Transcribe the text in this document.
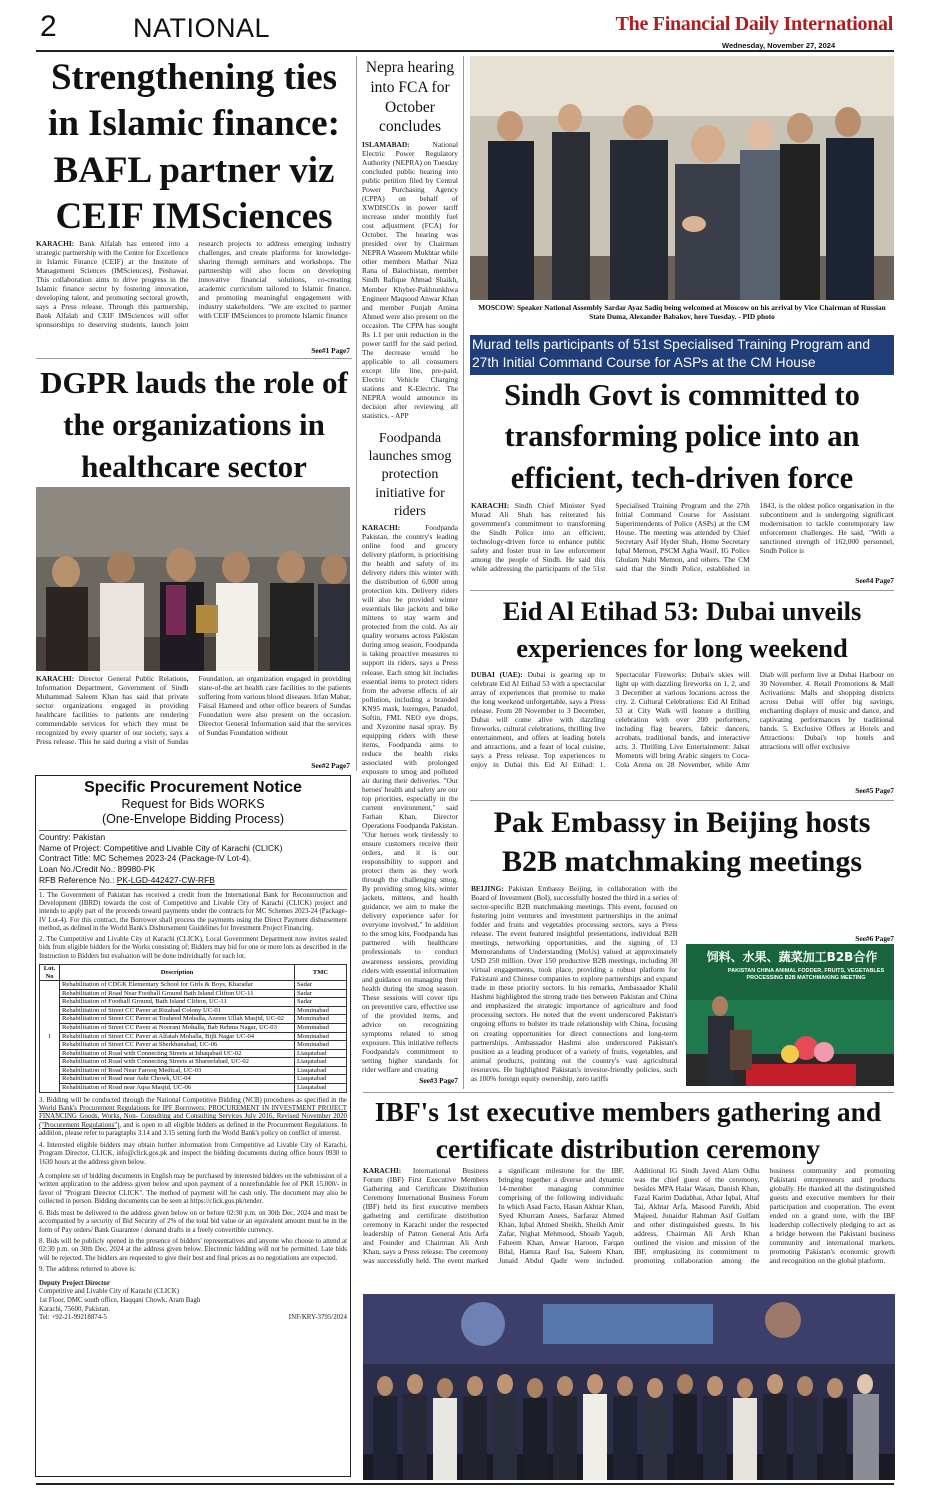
2	NATIONAL	The Financial Daily International
Wednesday, November 27, 2024
Strengthening ties in Islamic finance: BAFL partner viz CEIF IMSciences
KARACHI: Bank Alfalah has entered into a strategic partnership with the Centre for Excellence in Islamic Finance (CEIF) at the Institute of Management Sciences (IMSciences), Peshawar. This collaboration aims to drive progress in the Islamic finance sector by fostering innovation, developing talent, and promoting sectoral growth, says a Press release. Through this partnership, Bank Alfalah and CEIF IMSciences will offer sponsorships to deserving students, launch joint research projects to address emerging industry challenges, and create platforms for knowledge-sharing through seminars and workshops. The partnership will also focus on developing innovative financial solutions, co-creating academic curriculum tailored to Islamic finance, and promoting meaningful engagement with industry stakeholders. "We are excited to partner with CEIF IMSciences to promote Islamic finance
See#1 Page7
DGPR lauds the role of the organizations in healthcare sector
KARACHI: Director General Public Relations, Information Department, Government of Sindh Muhammad Saleem Khan has said that private sector organizations engaged in providing healthcare facilities to patients are rendering commendable services for which they must be recognized by every quarter of our society, says a Press release. This he said during a visit of Sundas Foundation, an organization engaged in providing state-of-the art health care facilities to the patients suffering from various blood diseases. Irfan Mahar, Faisal Hameed and other office bearers of Sundas Foundation were also present on the occasion. Director General Information said that the services of Sundas Foundation without
See#2 Page7
Specific Procurement Notice
Request for Bids WORKS
(One-Envelope Bidding Process)
Country: Pakistan
Name of Project: Competitive and Livable City of Karachi (CLICK)
Contract Title: MC Schemes 2023-24 (Package-IV Lot-4).
Loan No./Credit No.: 89980-PK
RFB Reference No.: PK-LGD-442427-CW-RFB
1. The Government of Pakistan has received a credit from the International Bank for Reconstruction and Development (IBRD) towards the cost of Competitive and Livable City of Karachi (CLICK) project and intends to apply part of the proceeds toward payments under the contracts for MC Schemes 2023-24 (Package-IV Lot-4). For this contract, the Borrower shall process the payments using the Direct Payment disbursement method, as defined in the World Bank's Disbursement Guidelines for Investment Project Financing.
2. The Competitive and Livable City of Karachi (CLICK), Local Government Department now invites sealed bids from eligible bidders for the Works consisting of; Bidders may bid for one or more lots as described in the Instruction to Bidders but evaluation will be done individually for each lot.
Lot. No	Description	TMC
1	Rehabilitation of CDGK Elementary School for Girls & Boys, Kharadar	Sadar
	Rehabilitation of Road Near Football Ground Bath Island Clifton UC-11	Sadar
	Rehabilitation of Football Ground, Bath Island Clifton, UC-11	Sadar
	Rehabilitation of Street CC Paver at Rizabad Colony UC-01	Mominabad
	Rehabilitation of Street CC Paver at Touheed Mohalla, Azeem Ullah Masjid, UC-02	Mominabad
	Rehabilitation of Street CC Paver at Noorani Mohalla, Bab Rehma Nagar, UC-03	Mominabad
	Rehabilitation of Street CC Paver at Alfatah Mohalla, Bijli Nagar UC-04	Mominabad
	Rehabilitation of Street CC Paver at Sherkhanabad, UC-06	Mominabad
	Rehabilitation of Road with Connecting Streets at Ishaqabad UC-02	Liaqatabad
	Rehabilitation of Road with Connecting Streets at Shareefabad, UC-02	Liaqatabad
	Rehabilitation of Road Near Farooq Medical, UC-03	Liaqatabad
	Rehabilitation of Road near Ashi Chowk, UC-04	Liaqatabad
	Rehabilitation of Road near Aqsa Masjid, UC-06	Liaqatabad
3. Bidding will be conducted through the National Competitive Bidding (NCB) procedures as specified in the World Bank's Procurement Regulations for IPF Borrowers: PROCUREMENT IN INVESTMENT PROJECT FINANCING Goods, Works, Non- Consulting and Consulting Services July 2016, Revised November 2020 ("Procurement Regulations"), and is open to all eligible bidders as defined in the Procurement Regulations. In addition, please refer to paragraphs 3.14 and 3.15 setting forth the World Bank's policy on conflict of interest.
4. Interested eligible bidders may obtain further information from Competitive ad Livable City of Karachi, Program Director, CLICK, info@click.gos.pk and inspect the bidding documents during office hours 0930 to 1630 hours at the address given below.
A complete set of bidding documents in English may be purchased by interested bidders on the submission of a written application to the address given below and upon payment of a nonrefundable fee of PKR 15,000/- in favor of "Program Director CLICK". The method of payment will be cash only. The document may also be collected in person. Bidding documents can be seen at https://click.gos.pk/tender.
6. Bids must be delivered to the address given below on or before 02:30 p.m. on 30th Dec, 2024 and must be accompanied by a security of Bid Security of 2% of the total bid value or an equivalent amount must be in the form of Pay orders/ Bank Guarantee / demand drafts in a freely convertible currency.
8. Bids will be publicly opened in the presence of bidders' representatives and anyone who choose to attend at 02:30 p.m. on 30th Dec, 2024 at the address given below. Electronic bidding will not be permitted. Late bids will be rejected. The bidders are requested to give their best and final prices as no negotiations are expected.
9. The address referred to above is:
Deputy Project Director
Competitive and Livable City of Karachi (CLICK)
1st Floor, DMC south office, Haqqani Chowk, Aram Bagh
Karachi, 75600, Pakistan.
Tel: +92-21-99218874-5	INF/KRY-3795/2024
Nepra hearing into FCA for October concludes
ISLAMABAD:	National Electric Power Regulatory Authority (NEPRA) on Tuesday concluded public hearing into public petition filed by Central Power Purchasing Agency (CPPA) on behalf of XWDISCOs in power tariff increase under monthly fuel cost adjustment (FCA) for October. The hearing was presided over by Chairman NEPRA Waseem Mukhtar while other members Mathar Niaz Rana of Balochistan, member Sindh Rafique Ahmad Shaikh, Member Khyber-Pakhtunkhwa Engineer Maqsood Anwar Khan and member Punjab Amina Ahmed were also present on the occasion. The CPPA has sought Rs 1.1 per unit reduction in the power tariff for the said period. The decrease would be applicable to all consumers except life line, pre-paid, Electric Vehicle Charging stations and K-Electric. The NEPRA would announce its decision after reviewing all statistics. - APP
Foodpanda launches smog protection initiative for riders
KARACHI:	Foodpanda Pakistan, the country's leading online food and grocery delivery platform, is prioritising the health and safety of its delivery riders this winter with the distribution of 6,000 smog protection kits. Delivery riders will also be provided winter essentials like jackets and bike mittens to stay warm and protected from the cold. As air quality worsens across Pakistan during smog season, Foodpanda is taking proactive measures to support its riders, says a Press release. Each smog kit includes essential items to protect riders from the adverse effects of air pollution, including a branded KN95 mask, lozenges, Panadol, Softin, FML NEO eye drops, and Xyzonine nasal spray. By equipping riders with these items, Foodpanda aims to reduce the health risks associated with prolonged exposure to smog and polluted air during their deliveries. "Our heroes' health and safety are our top priorities, especially in the current environment," said Farhan Khan, Director Operations Foodpanda Pakistan. "Our heroes work tirelessly to ensure customers receive their orders, and it is our responsibility to support and protect them as they work through the challenging smog. By providing smog kits, winter jackets, mittens, and health guidance, we aim to make the delivery experience safer for everyone involved." In addition to the smog kits, Foodpanda has partnered with healthcare professionals to conduct awareness sessions, providing riders with essential information and guidance on managing their health during the smog season. These sessions will cover tips on preventive care, effective use of the provided items, and advice on recognizing symptoms related to smog exposure. This initiative reflects Foodpanda's commitment to setting higher standards for rider welfare and creating
See#3 Page7
MOSCOW: Speaker National Assembly Sardar Ayaz Sadiq being welcomed at Moscow on his arrival by Vice Chairman of Russian State Duma, Alexander Babakov, here Tuesday. - PID photo
Murad tells participants of 51st Specialised Training Program and 27th Initial Command Course for ASPs at the CM House
Sindh Govt is committed to transforming police into an efficient, tech-driven force
KARACHI: Sindh Chief Minister Syed Murad Ali Shah has reiterated his government's commitment to transforming the Sindh Police into an efficient, technology-driven force to enhance public safety and foster trust in law enforcement among the people of Sindh. He said this while addressing the participants of the 51st Specialised Training Program and the 27th Initial Command Course for Assistant Superintendents of Police (ASPs) at the CM House. The meeting was attended by Chief Secretary Asif Hyder Shah, Home Secretary Iqbal Memon, PSCM Agha Wasif, IG Police Ghulam Nabi Memon, and others. The CM said that the Sindh Police, established in 1843, is the oldest police organisation in the subcontinent and is undergoing significant modernisation to tackle contemporary law enforcement challenges. He said, "With a sanctioned strength of 162,000 personnel, Sindh Police is
See#4 Page7
Eid Al Etihad 53: Dubai unveils experiences for long weekend
DUBAI (UAE): Dubai is gearing up to celebrate Eid Al Etihad 53 with a spectacular array of experiences that promise to make the long weekend unforgettable, says a Press release. From 28 November to 3 December, Dubai will come alive with dazzling fireworks, cultural celebrations, thrilling live entertainment, and offers at leading hotels and attractions, and a feast of local cuisine, says a Press release. Top experiences to enjoy in Dubai this Eid Al Etihad: 1. Spectacular Fireworks: Dubai's skies will light up with dazzling fireworks on 1, 2, and 3 December at various locations across the city. 2. Cultural Celebrations: Eid Al Etihad 53 at City Walk will feature a thrilling celebration with over 200 performers, including flag bearers, fabric dancers, acrobats, traditional bands, and interactive acts. 3. Thrilling Live Entertainment: Jalsat Moments will bring Arabic singers to Coca-Cola Arena on 28 November, while Amr Diab will perform live at Dubai Harbour on 30 November. 4. Retail Promotions & Mall Activations: Malls and shopping districts across Dubai will offer big savings, enchanting displays of music and dance, and captivating performances by traditional bands. 5. Exclusive Offers at Hotels and Attractions: Dubai's top hotels and attractions will offer exclusive
See#5 Page7
Pak Embassy in Beijing hosts B2B matchmaking meetings
BEIJING: Pakistan Embassy Beijing, in collaboration with the Board of Investment (BoI), successfully hosted the third in a series of sector-specific B2B matchmaking meetings. This event, focused on fostering joint ventures and investment partnerships in the animal fodder and fruits and vegetables processing sectors, says a Press release. The event featured insightful presentations, individual B2B meetings, networking opportunities, and the signing of 13 Memorandums of Understanding (MoUs) valued at approximately USD 250 million. Over 150 productive B2B meetings, including 30 virtual engagements, took place, providing a robust platform for Pakistani and Chinese companies to explore partnerships and expand trade in these priority sectors. In his remarks, Ambassador Khalil Hashmi highlighted the strong trade ties between Pakistan and China and emphasized the strategic importance of agriculture and food processing sectors. He noted that the event underscored Pakistan's ongoing efforts to bolster its trade relationship with China, focusing on creating opportunities for direct connections and long-term partnerships. Ambassador Hashmi also underscored Pakistan's position as a leading producer of a variety of fruits, vegetables, and animal products, pointing out the country's vast agricultural resources. He highlighted Pakistan's investor-friendly policies, such as 100% foreign equity ownership, zero tariffs
See#6 Page7
饲料、水果、蔬菜加工B2B合作
PAKISTAN CHINA ANIMAL FODDER, FRUITS, VEGETABLES PROCESSING B2B MATCHMAKING MEETING
IBF's 1st executive members gathering and certificate distribution ceremony
KARACHI: International Business Forum (IBF) First Executive Members Gathering and Certificate Distribution Ceremony International Business Forum (IBF) held its first executive members gathering and certificate distribution ceremony in Karachi under the respected leadership of Patron General Atis Arfa and Founder and Chairman Ali Arsh Khan, says a Press release. The ceremony was successfully held. The event marked a significant milestone for the IBF, bringing together a diverse and dynamic 14-member managing committee comprising of the following individuals: In which Asad Facto, Hasan Akhtar Khan, Syed Khurram Anees, Sarfaraz Ahmed Khan, Iqbal Ahmed Sheikh, Sheikh Amir Zafar, Nighat Mehmood, Shoaib Yaqub, Faheem Khan, Anwar Haroon, Farqan Bilal, Hamza Rauf Isa, Saleem Khan, Junaid Abdul Qadir were included. Additional IG Sindh Javed Alam Odhu was the chief guest of the ceremony, besides MPA Halar Wasan, Danish Khan, Fazal Karim Dadabhai, Athar Iqbal, Altaf Tai, Akhtar Arfa, Masood Parekh, Abid Majeed, Junaidur Rahman Asif Gulfam and other distinguished guests. In his address, Chairman Ali Arsh Khan outlined the vision and mission of the IBF, emphasizing its commitment to promoting collaboration among the business community and promoting Pakistani entrepreneurs and products globally. He thanked all the distinguished guests and executive members for their participation and cooperation. The event ended on a grand note, with the IBF leadership collectively pledging to act as a bridge between the Pakistani business community and international markets, promoting Pakistan's economic growth and recognition on the global platform.
